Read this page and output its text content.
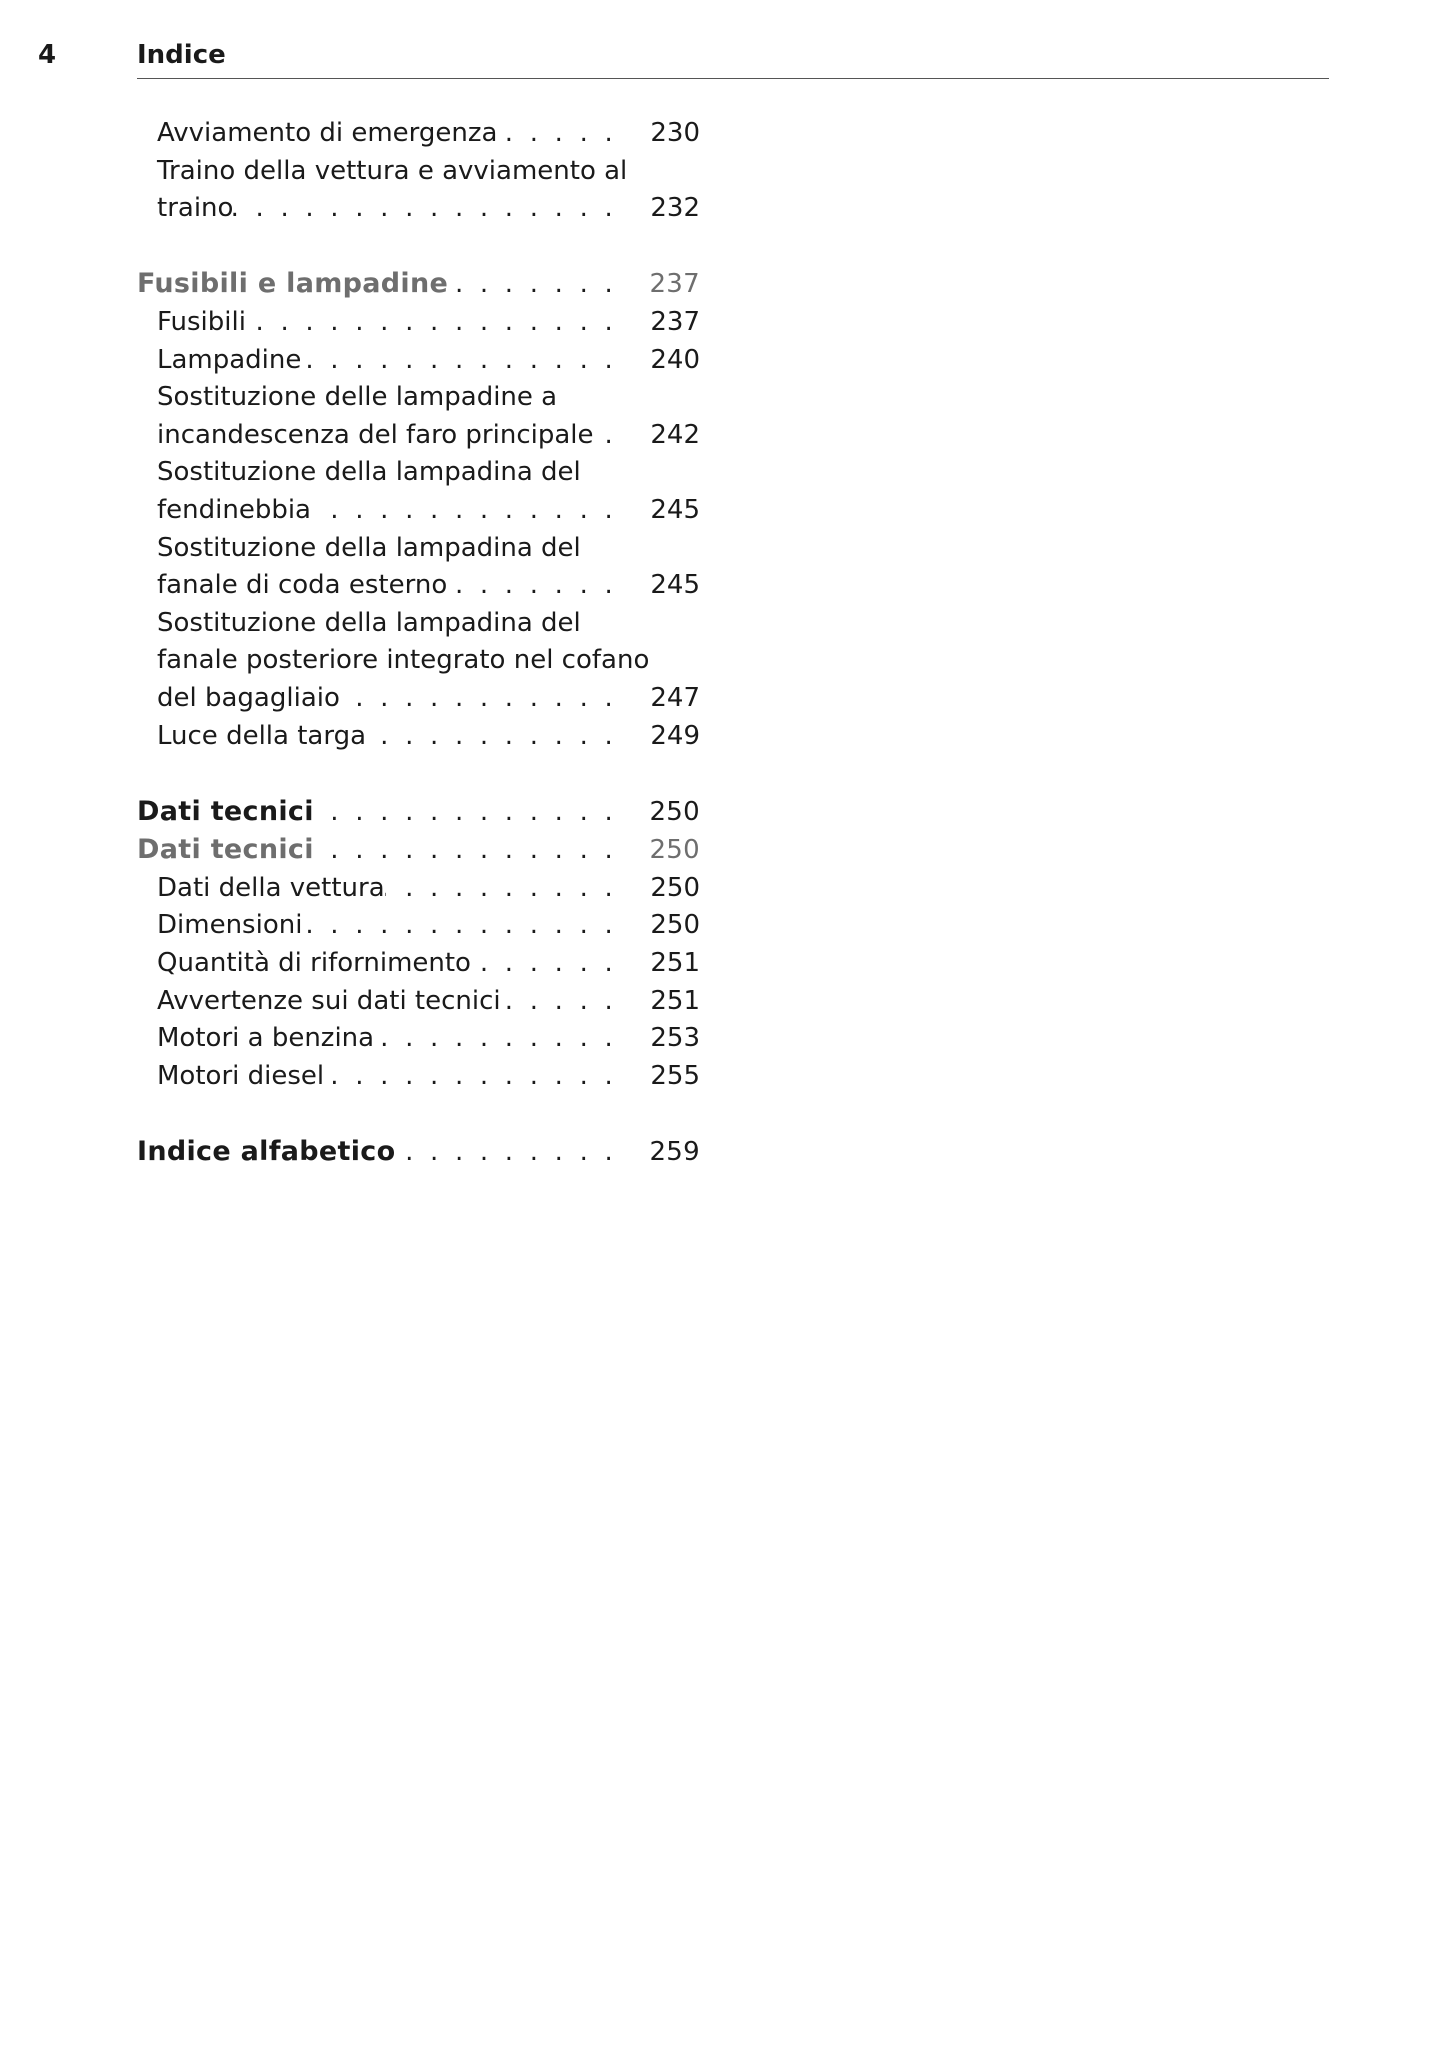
4	Indice
Avviamento di emergenza . . .	230
Traino della vettura e avviamento al
traino . . .	232
Fusibili e lampadine . . .	237
Fusibili . . .	237
Lampadine . . .	240
Sostituzione delle lampadine a
incandescenza del faro principale . . .	242
Sostituzione della lampadina del
fendinebbia . . .	245
Sostituzione della lampadina del
fanale di coda esterno . . .	245
Sostituzione della lampadina del
fanale posteriore integrato nel cofano
del bagagliaio . . .	247
Luce della targa . . .	249
Dati tecnici . . .	250
Dati tecnici . . .	250
Dati della vettura . . .	250
Dimensioni . . .	250
Quantità di rifornimento . . .	251
Avvertenze sui dati tecnici . . .	251
Motori a benzina . . .	253
Motori diesel . . .	255
Indice alfabetico . . .	259
